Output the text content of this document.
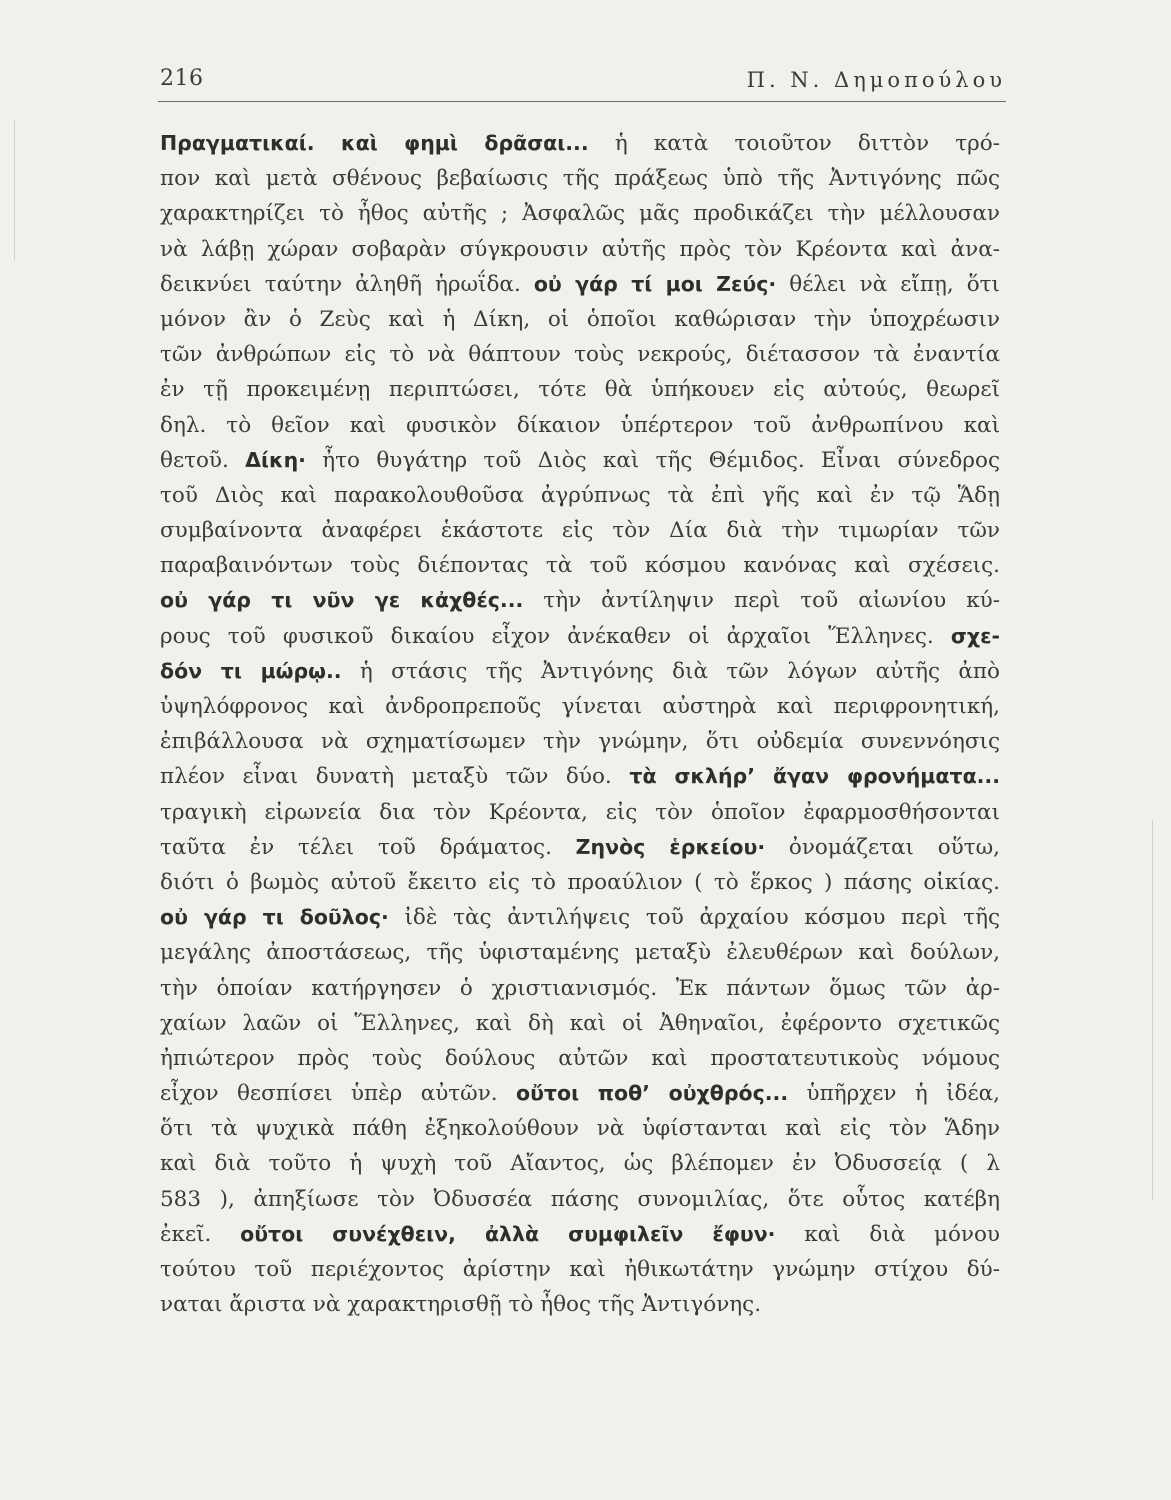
216	Π. Ν. Δημοπούλου
Πραγματικαί. καὶ φημὶ δρᾶσαι... ἡ κατὰ τοιοῦτον διττὸν τρό-
πον καὶ μετὰ σθένους βεβαίωσις τῆς πράξεως ὑπὸ τῆς Ἀντιγόνης πῶς
χαρακτηρίζει τὸ ἦθος αὐτῆς ; Ἀσφαλῶς μᾶς προδικάζει τὴν μέλλουσαν
νὰ λάβῃ χώραν σοβαρὰν σύγκρουσιν αὐτῆς πρὸς τὸν Κρέοντα καὶ ἀνα-
δεικνύει ταύτην ἀληθῆ ἡρωΐδα. οὐ γάρ τί μοι Ζεύς· θέλει νὰ εἴπῃ, ὅτι
μόνον ἂν ὁ Ζεὺς καὶ ἡ Δίκη, οἱ ὁποῖοι καθώρισαν τὴν ὑποχρέωσιν
τῶν ἀνθρώπων εἰς τὸ νὰ θάπτουν τοὺς νεκρούς, διέτασσον τὰ ἐναντία
ἐν τῇ προκειμένῃ περιπτώσει, τότε θὰ ὑπήκουεν εἰς αὐτούς, θεωρεῖ
δηλ. τὸ θεῖον καὶ φυσικὸν δίκαιον ὑπέρτερον τοῦ ἀνθρωπίνου καὶ
θετοῦ. Δίκη· ἦτο θυγάτηρ τοῦ Διὸς καὶ τῆς Θέμιδος. Εἶναι σύνεδρος
τοῦ Διὸς καὶ παρακολουθοῦσα ἀγρύπνως τὰ ἐπὶ γῆς καὶ ἐν τῷ Ἅδῃ
συμβαίνοντα ἀναφέρει ἑκάστοτε εἰς τὸν Δία διὰ τὴν τιμωρίαν τῶν
παραβαινόντων τοὺς διέποντας τὰ τοῦ κόσμου κανόνας καὶ σχέσεις.
οὐ γάρ τι νῦν γε κἀχθές... τὴν ἀντίληψιν περὶ τοῦ αἰωνίου κύ-
ρους τοῦ φυσικοῦ δικαίου εἶχον ἀνέκαθεν οἱ ἀρχαῖοι Ἕλληνες. σχε-
δόν τι μώρῳ.. ἡ στάσις τῆς Ἀντιγόνης διὰ τῶν λόγων αὐτῆς ἀπὸ
ὑψηλόφρονος καὶ ἀνδροπρεποῦς γίνεται αὐστηρὰ καὶ περιφρονητική,
ἐπιβάλλουσα νὰ σχηματίσωμεν τὴν γνώμην, ὅτι οὐδεμία συνεννόησις
πλέον εἶναι δυνατὴ μεταξὺ τῶν δύο. τὰ σκλήρ’ ἄγαν φρονήματα...
τραγικὴ εἰρωνεία δια τὸν Κρέοντα, εἰς τὸν ὁποῖον ἐφαρμοσθήσονται
ταῦτα ἐν τέλει τοῦ δράματος. Ζηνὸς ἑρκείου· ὀνομάζεται οὕτω,
διότι ὁ βωμὸς αὐτοῦ ἔκειτο εἰς τὸ προαύλιον ( τὸ ἕρκος ) πάσης οἰκίας.
οὐ γάρ τι δοῦλος· ἰδὲ τὰς ἀντιλήψεις τοῦ ἀρχαίου κόσμου περὶ τῆς
μεγάλης ἀποστάσεως, τῆς ὑφισταμένης μεταξὺ ἐλευθέρων καὶ δούλων,
τὴν ὁποίαν κατήργησεν ὁ χριστιανισμός. Ἐκ πάντων ὅμως τῶν ἀρ-
χαίων λαῶν οἱ Ἕλληνες, καὶ δὴ καὶ οἱ Ἀθηναῖοι, ἐφέροντο σχετικῶς
ἠπιώτερον πρὸς τοὺς δούλους αὐτῶν καὶ προστατευτικοὺς νόμους
εἶχον θεσπίσει ὑπὲρ αὐτῶν. οὔτοι ποθ’ οὐχθρός... ὑπῆρχεν ἡ ἰδέα,
ὅτι τὰ ψυχικὰ πάθη ἐξηκολούθουν νὰ ὑφίστανται καὶ εἰς τὸν Ἅδην
καὶ διὰ τοῦτο ἡ ψυχὴ τοῦ Αἴαντος, ὡς βλέπομεν ἐν Ὀδυσσείᾳ ( λ
583 ), ἀπηξίωσε τὸν Ὀδυσσέα πάσης συνομιλίας, ὅτε οὗτος κατέβη
ἐκεῖ. οὔτοι συνέχθειν, ἀλλὰ συμφιλεῖν ἔφυν· καὶ διὰ μόνου
τούτου τοῦ περιέχοντος ἀρίστην καὶ ἠθικωτάτην γνώμην στίχου δύ-
ναται ἄριστα νὰ χαρακτηρισθῇ τὸ ἦθος τῆς Ἀντιγόνης.
